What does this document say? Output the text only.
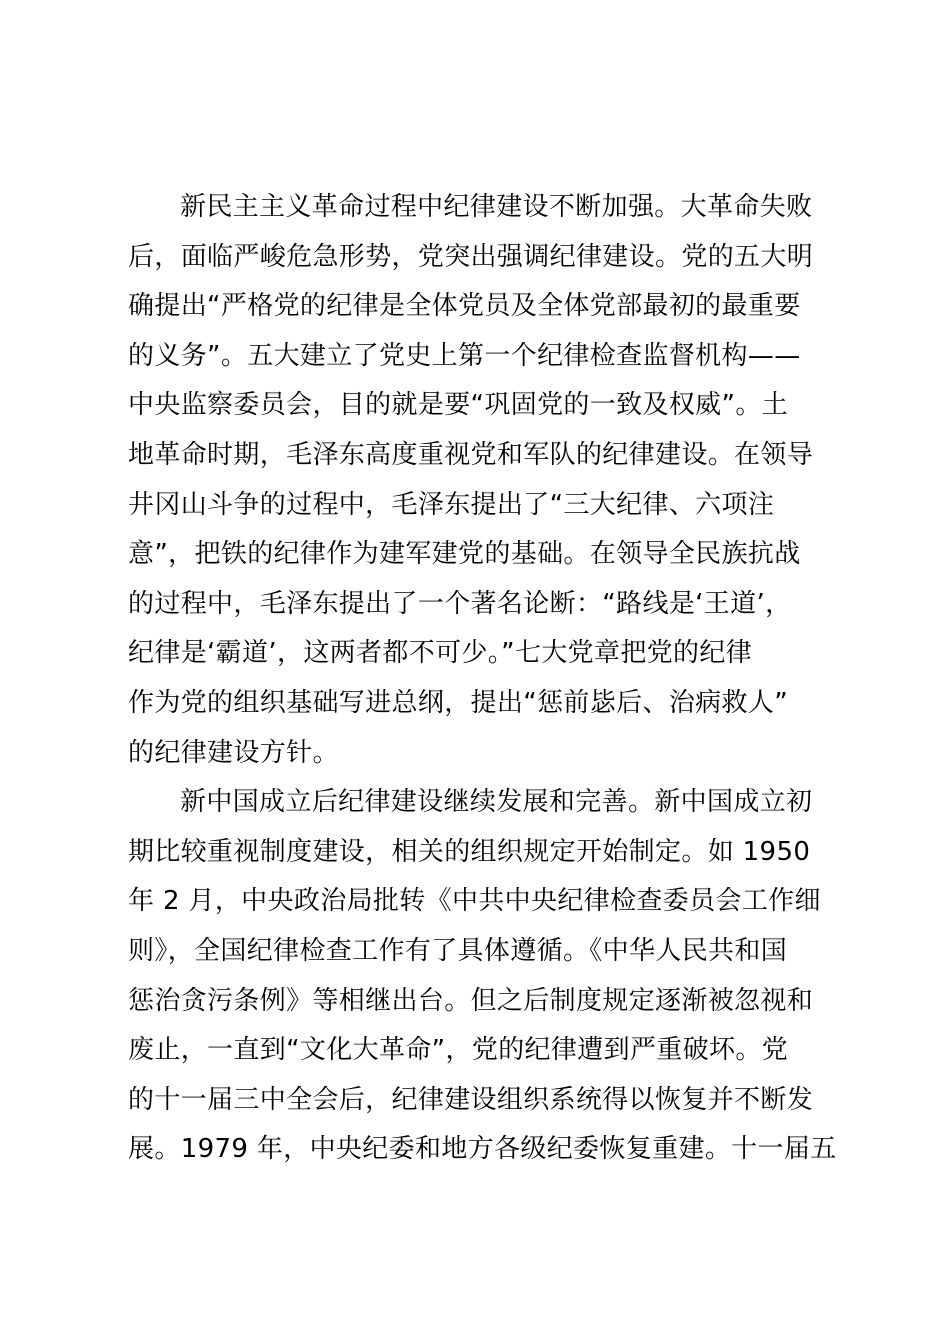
新民主主义革命过程中纪律建设不断加强。大革命失败
后，面临严峻危急形势，党突出强调纪律建设。党的五大明
确提出“严格党的纪律是全体党员及全体党部最初的最重要
的义务”。五大建立了党史上第一个纪律检查监督机构——
中央监察委员会，目的就是要“巩固党的一致及权威”。土
地革命时期，毛泽东高度重视党和军队的纪律建设。在领导
井冈山斗争的过程中，毛泽东提出了“三大纪律、六项注
意”，把铁的纪律作为建军建党的基础。在领导全民族抗战
的过程中，毛泽东提出了一个著名论断：“路线是‘王道’，
纪律是‘霸道’，这两者都不可少。”七大党章把党的纪律
作为党的组织基础写进总纲，提出“惩前毖后、治病救人”
的纪律建设方针。
新中国成立后纪律建设继续发展和完善。新中国成立初
期比较重视制度建设，相关的组织规定开始制定。如 1950
年 2 月，中央政治局批转《中共中央纪律检查委员会工作细
则》，全国纪律检查工作有了具体遵循。《中华人民共和国
惩治贪污条例》等相继出台。但之后制度规定逐渐被忽视和
废止，一直到“文化大革命”，党的纪律遭到严重破坏。党
的十一届三中全会后，纪律建设组织系统得以恢复并不断发
展。1979 年，中央纪委和地方各级纪委恢复重建。十一届五
